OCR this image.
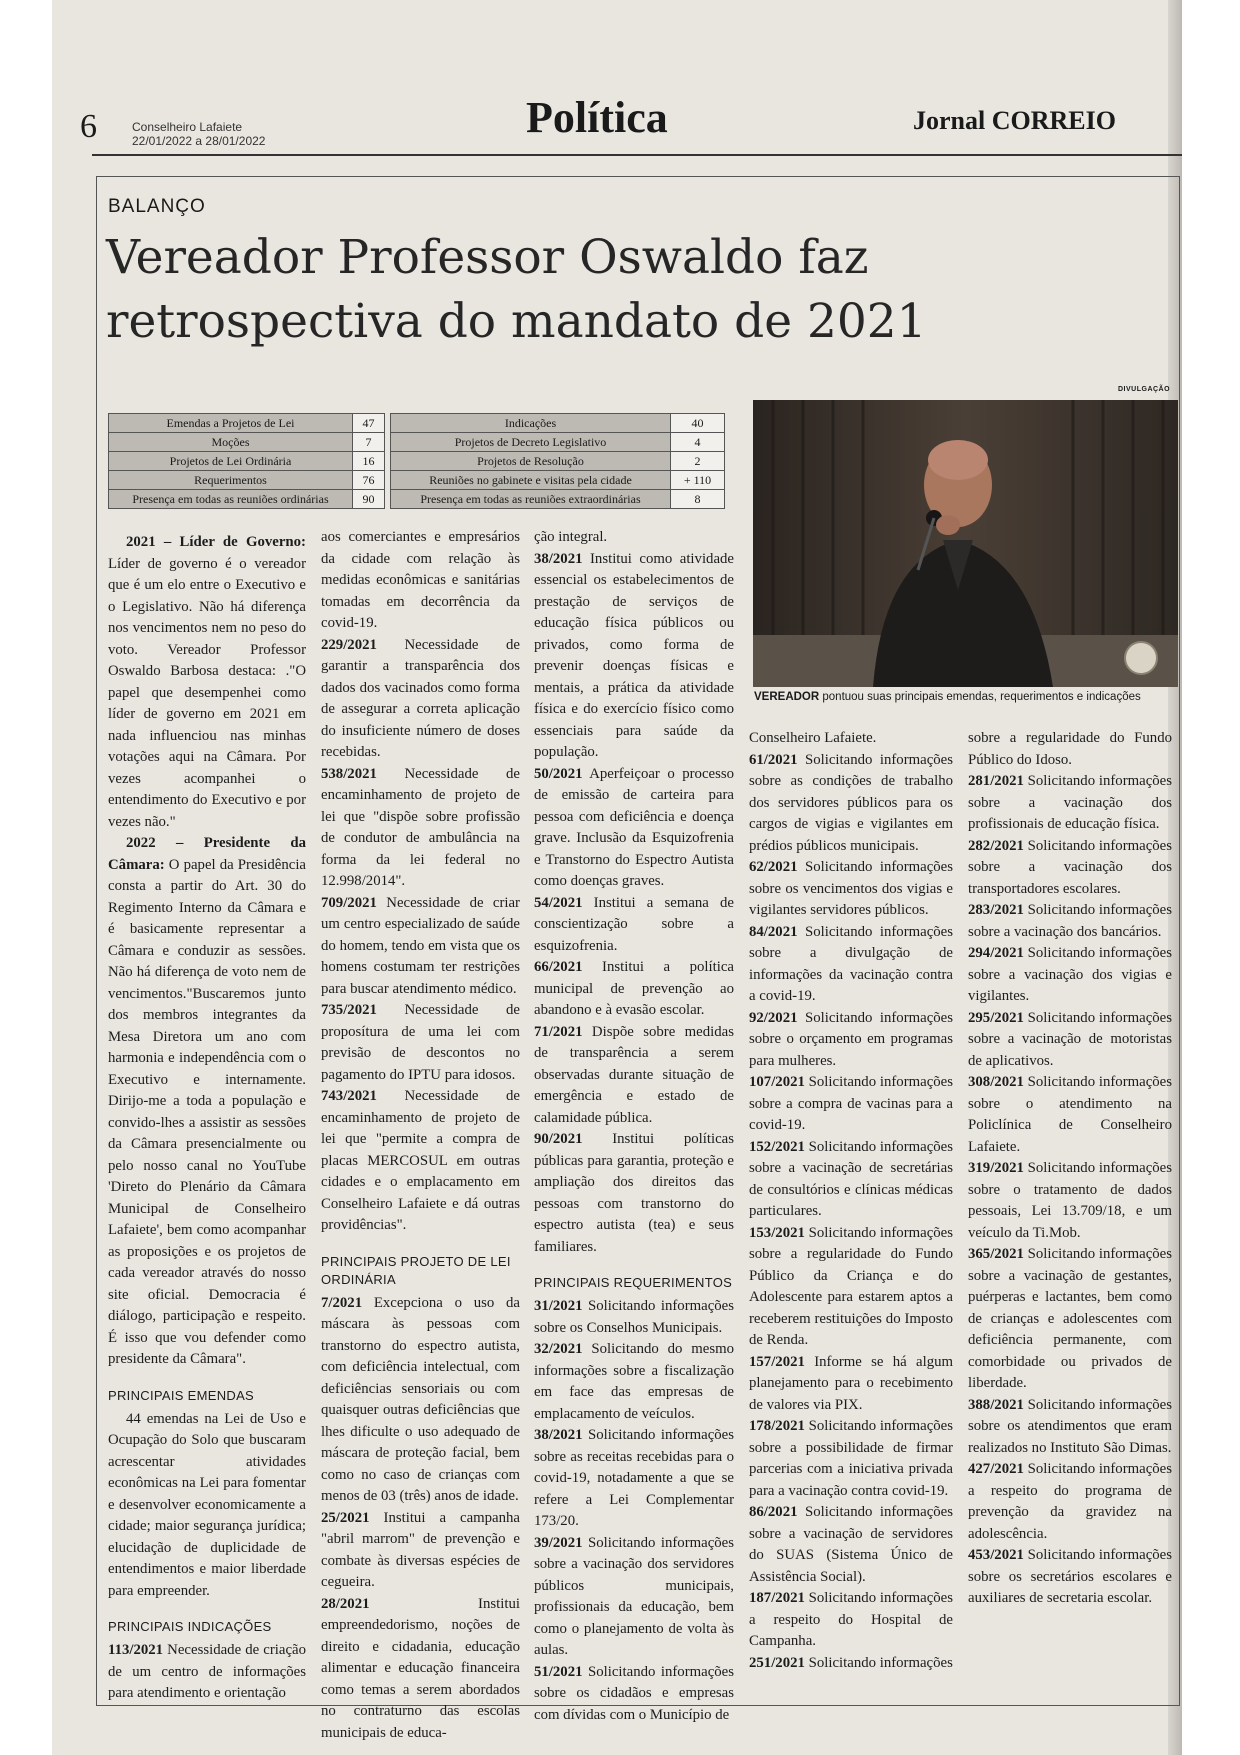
6	Conselheiro Lafaiete
22/01/2022 a 28/01/2022	Política	Jornal CORREIO
BALANÇO
Vereador Professor Oswaldo faz retrospectiva do mandato de 2021
DIVULGAÇÃO
Emendas a Projetos de Lei	47		Indicações	40
Moções	7		Projetos de Decreto Legislativo	4
Projetos de Lei Ordinária	16		Projetos de Resolução	2
Requerimentos	76		Reuniões no gabinete e visitas pela cidade	+ 110
Presença em todas as reuniões ordinárias	90		Presença em todas as reuniões extraordinárias	8
VEREADOR pontuou suas principais emendas, requerimentos e indicações

2021 – Líder de Governo: Líder de governo é o vereador que é um elo entre o Executivo e o Legislativo. Não há diferença nos vencimentos nem no peso do voto. Vereador Professor Oswaldo Barbosa destaca: ."O papel que desempenhei como líder de governo em 2021 em nada influenciou nas minhas votações aqui na Câmara. Por vezes acompanhei o entendimento do Executivo e por vezes não."

2022 – Presidente da Câmara: O papel da Presidência consta a partir do Art. 30 do Regimento Interno da Câmara e é basicamente representar a Câmara e conduzir as sessões. Não há diferença de voto nem de vencimentos."Buscaremos junto dos membros integrantes da Mesa Diretora um ano com harmonia e independência com o Executivo e internamente. Dirijo-me a toda a população e convido-lhes a assistir as sessões da Câmara presencialmente ou pelo nosso canal no YouTube 'Direto do Plenário da Câmara Municipal de Conselheiro Lafaiete', bem como acompanhar as proposições e os projetos de cada vereador através do nosso site oficial. Democracia é diálogo, participação e respeito. É isso que vou defender como presidente da Câmara".

PRINCIPAIS EMENDAS

44 emendas na Lei de Uso e Ocupação do Solo que buscaram acrescentar atividades econômicas na Lei para fomentar e desenvolver economicamente a cidade; maior segurança jurídica; elucidação de duplicidade de entendimentos e maior liberdade para empreender.

PRINCIPAIS INDICAÇÕES

113/2021 Necessidade de criação de um centro de informações para atendimento e orientação

aos comerciantes e empresários da cidade com relação às medidas econômicas e sanitárias tomadas em decorrência da covid-19.

229/2021 Necessidade de garantir a transparência dos dados dos vacinados como forma de assegurar a correta aplicação do insuficiente número de doses recebidas.

538/2021 Necessidade de encaminhamento de projeto de lei que "dispõe sobre profissão de condutor de ambulância na forma da lei federal no 12.998/2014".

709/2021 Necessidade de criar um centro especializado de saúde do homem, tendo em vista que os homens costumam ter restrições para buscar atendimento médico.

735/2021 Necessidade de proposítura de uma lei com previsão de descontos no pagamento do IPTU para idosos.

743/2021 Necessidade de encaminhamento de projeto de lei que "permite a compra de placas MERCOSUL em outras cidades e o emplacamento em Conselheiro Lafaiete e dá outras providências".

PRINCIPAIS PROJETO DE LEI ORDINÁRIA

7/2021 Excepciona o uso da máscara às pessoas com transtorno do espectro autista, com deficiência intelectual, com deficiências sensoriais ou com quaisquer outras deficiências que lhes dificulte o uso adequado de máscara de proteção facial, bem como no caso de crianças com menos de 03 (três) anos de idade.

25/2021 Institui a campanha "abril marrom" de prevenção e combate às diversas espécies de cegueira.

28/2021 Institui empreendedorismo, noções de direito e cidadania, educação alimentar e educação financeira como temas a serem abordados no contraturno das escolas municipais de educa-

ção integral.

38/2021 Institui como atividade essencial os estabelecimentos de prestação de serviços de educação física públicos ou privados, como forma de prevenir doenças físicas e mentais, a prática da atividade física e do exercício físico como essenciais para saúde da população.

50/2021 Aperfeiçoar o processo de emissão de carteira para pessoa com deficiência e doença grave. Inclusão da Esquizofrenia e Transtorno do Espectro Autista como doenças graves.

54/2021 Institui a semana de conscientização sobre a esquizofrenia.

66/2021 Institui a política municipal de prevenção ao abandono e à evasão escolar.

71/2021 Dispõe sobre medidas de transparência a serem observadas durante situação de emergência e estado de calamidade pública.

90/2021 Institui políticas públicas para garantia, proteção e ampliação dos direitos das pessoas com transtorno do espectro autista (tea) e seus familiares.

PRINCIPAIS REQUERIMENTOS

31/2021 Solicitando informações sobre os Conselhos Municipais.

32/2021 Solicitando do mesmo informações sobre a fiscalização em face das empresas de emplacamento de veículos.

38/2021 Solicitando informações sobre as receitas recebidas para o covid-19, notadamente a que se refere a Lei Complementar 173/20.

39/2021 Solicitando informações sobre a vacinação dos servidores públicos municipais, profissionais da educação, bem como o planejamento de volta às aulas.

51/2021 Solicitando informações sobre os cidadãos e empresas com dívidas com o Município de

Conselheiro Lafaiete.

61/2021 Solicitando informações sobre as condições de trabalho dos servidores públicos para os cargos de vigias e vigilantes em prédios públicos municipais.

62/2021 Solicitando informações sobre os vencimentos dos vigias e vigilantes servidores públicos.

84/2021 Solicitando informações sobre a divulgação de informações da vacinação contra a covid-19.

92/2021 Solicitando informações sobre o orçamento em programas para mulheres.

107/2021 Solicitando informações sobre a compra de vacinas para a covid-19.

152/2021 Solicitando informações sobre a vacinação de secretárias de consultórios e clínicas médicas particulares.

153/2021 Solicitando informações sobre a regularidade do Fundo Público da Criança e do Adolescente para estarem aptos a receberem restituições do Imposto de Renda.

157/2021 Informe se há algum planejamento para o recebimento de valores via PIX.

178/2021 Solicitando informações sobre a possibilidade de firmar parcerias com a iniciativa privada para a vacinação contra covid-19.

86/2021 Solicitando informações sobre a vacinação de servidores do SUAS (Sistema Único de Assistência Social).

187/2021 Solicitando informações a respeito do Hospital de Campanha.

251/2021 Solicitando informações

sobre a regularidade do Fundo Público do Idoso.

281/2021 Solicitando informações sobre a vacinação dos profissionais de educação física.

282/2021 Solicitando informações sobre a vacinação dos transportadores escolares.

283/2021 Solicitando informações sobre a vacinação dos bancários.

294/2021 Solicitando informações sobre a vacinação dos vigias e vigilantes.

295/2021 Solicitando informações sobre a vacinação de motoristas de aplicativos.

308/2021 Solicitando informações sobre o atendimento na Policlínica de Conselheiro Lafaiete.

319/2021 Solicitando informações sobre o tratamento de dados pessoais, Lei 13.709/18, e um veículo da Ti.Mob.

365/2021 Solicitando informações sobre a vacinação de gestantes, puérperas e lactantes, bem como de crianças e adolescentes com deficiência permanente, com comorbidade ou privados de liberdade.

388/2021 Solicitando informações sobre os atendimentos que eram realizados no Instituto São Dimas.

427/2021 Solicitando informações a respeito do programa de prevenção da gravidez na adolescência.

453/2021 Solicitando informações sobre os secretários escolares e auxiliares de secretaria escolar.
